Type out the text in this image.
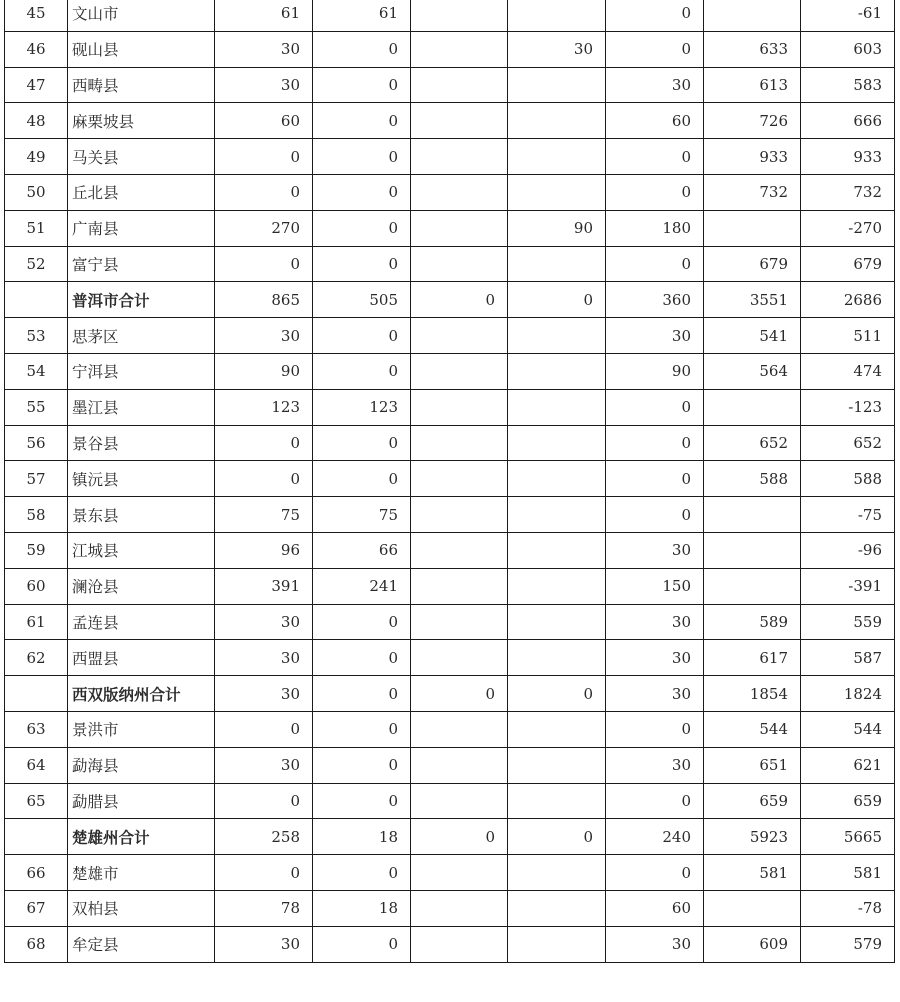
45	文山市	61	61			0		-61
46	砚山县	30	0		30	0	633	603
47	西畴县	30	0			30	613	583
48	麻栗坡县	60	0			60	726	666
49	马关县	0	0			0	933	933
50	丘北县	0	0			0	732	732
51	广南县	270	0		90	180		-270
52	富宁县	0	0			0	679	679
	普洱市合计	865	505	0	0	360	3551	2686
53	思茅区	30	0			30	541	511
54	宁洱县	90	0			90	564	474
55	墨江县	123	123			0		-123
56	景谷县	0	0			0	652	652
57	镇沅县	0	0			0	588	588
58	景东县	75	75			0		-75
59	江城县	96	66			30		-96
60	澜沧县	391	241			150		-391
61	孟连县	30	0			30	589	559
62	西盟县	30	0			30	617	587
	西双版纳州合计	30	0	0	0	30	1854	1824
63	景洪市	0	0			0	544	544
64	勐海县	30	0			30	651	621
65	勐腊县	0	0			0	659	659
	楚雄州合计	258	18	0	0	240	5923	5665
66	楚雄市	0	0			0	581	581
67	双柏县	78	18			60		-78
68	牟定县	30	0			30	609	579
